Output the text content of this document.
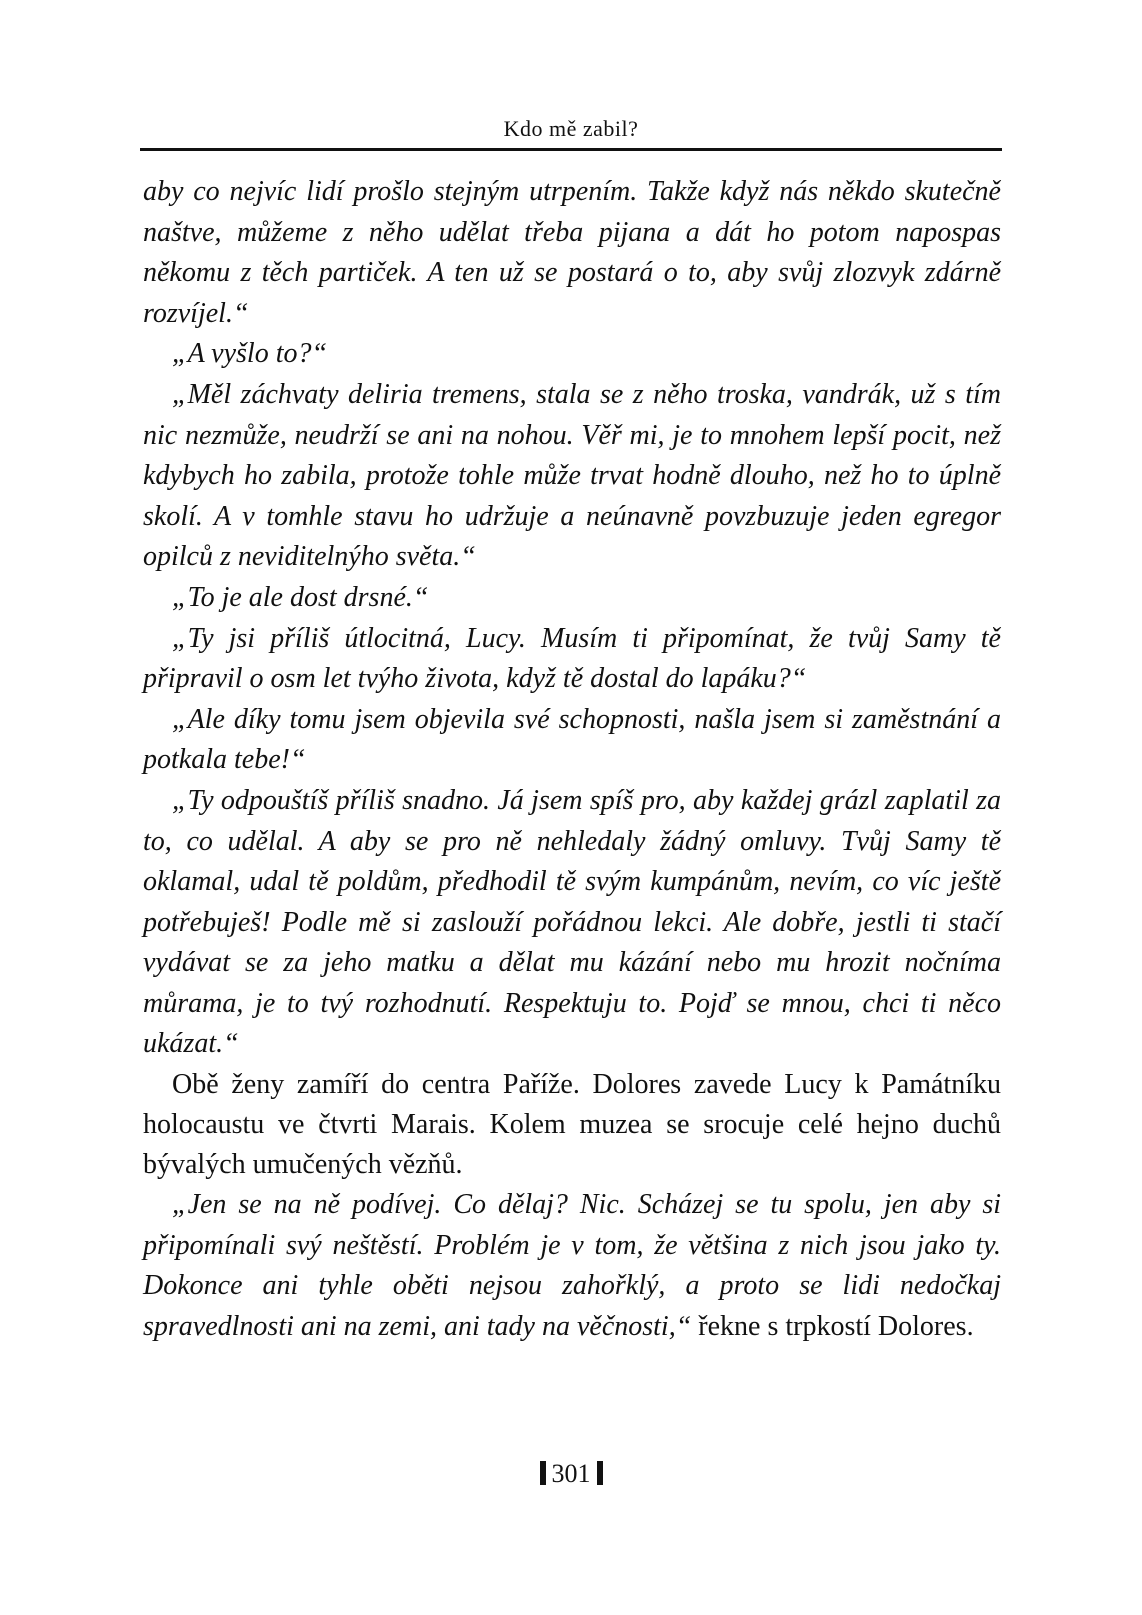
Kdo mě zabil?

aby co nejvíc lidí prošlo stejným utrpením. Takže když nás někdo skutečně naštve, můžeme z něho udělat třeba pijana a dát ho potom napospas někomu z těch partiček. A ten už se postará o to, aby svůj zlozvyk zdárně rozvíjel.“

„A vyšlo to?“

„Měl záchvaty deliria tremens, stala se z něho troska, vandrák, už s tím nic nezmůže, neudrží se ani na nohou. Věř mi, je to mnohem lepší pocit, než kdybych ho zabila, protože tohle může trvat hodně dlouho, než ho to úplně skolí. A v tomhle stavu ho udržuje a neúnavně povzbuzuje jeden egregor opilců z neviditelnýho světa.“

„To je ale dost drsné.“

„Ty jsi příliš útlocitná, Lucy. Musím ti připomínat, že tvůj Samy tě připravil o osm let tvýho života, když tě dostal do lapáku?“

„Ale díky tomu jsem objevila své schopnosti, našla jsem si zaměstnání a potkala tebe!“

„Ty odpouštíš příliš snadno. Já jsem spíš pro, aby každej grázl zaplatil za to, co udělal. A aby se pro ně nehledaly žádný omluvy. Tvůj Samy tě oklamal, udal tě poldům, předhodil tě svým kumpánům, nevím, co víc ještě potřebuješ! Podle mě si zaslouží pořádnou lekci. Ale dobře, jestli ti stačí vydávat se za jeho matku a dělat mu kázání nebo mu hrozit nočníma můrama, je to tvý rozhodnutí. Respektuju to. Pojď se mnou, chci ti něco ukázat.“

Obě ženy zamíří do centra Paříže. Dolores zavede Lucy k Památníku holocaustu ve čtvrti Marais. Kolem muzea se srocuje celé hejno duchů bývalých umučených vězňů.

„Jen se na ně podívej. Co dělaj? Nic. Scházej se tu spolu, jen aby si připomínali svý neštěstí. Problém je v tom, že většina z nich jsou jako ty. Dokonce ani tyhle oběti nejsou zahořklý, a proto se lidi nedočkaj spravedlnosti ani na zemi, ani tady na věčnosti,“ řekne s trpkostí Dolores.

301
